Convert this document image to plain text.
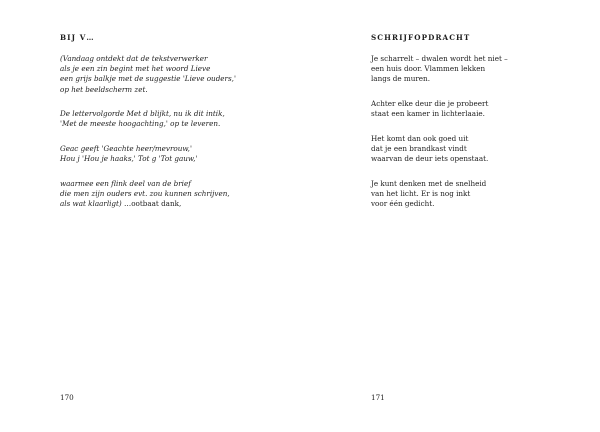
BIJ V…
(Vandaag ontdekt dat de tekstverwerker
als je een zin begint met het woord Lieve
een grijs balkje met de suggestie 'Lieve ouders,'
op het beeldscherm zet.
De lettervolgorde Met d blijkt, nu ik dit intik,
'Met de meeste hoogachting,' op te leveren.
Geac geeft 'Geachte heer/mevrouw,'
Hou j 'Hou je haaks,' Tot g 'Tot gauw,'
waarmee een flink deel van de brief
die men zijn ouders evt. zou kunnen schrijven,
als wat klaarligt) …ootbaat dank,
170
SCHRIJFOPDRACHT
Je scharrelt – dwalen wordt het niet –
een huis door. Vlammen lekken
langs de muren.
Achter elke deur die je probeert
staat een kamer in lichterlaaie.
Het komt dan ook goed uit
dat je een brandkast vindt
waarvan de deur iets openstaat.
Je kunt denken met de snelheid
van het licht. Er is nog inkt
voor één gedicht.
171
